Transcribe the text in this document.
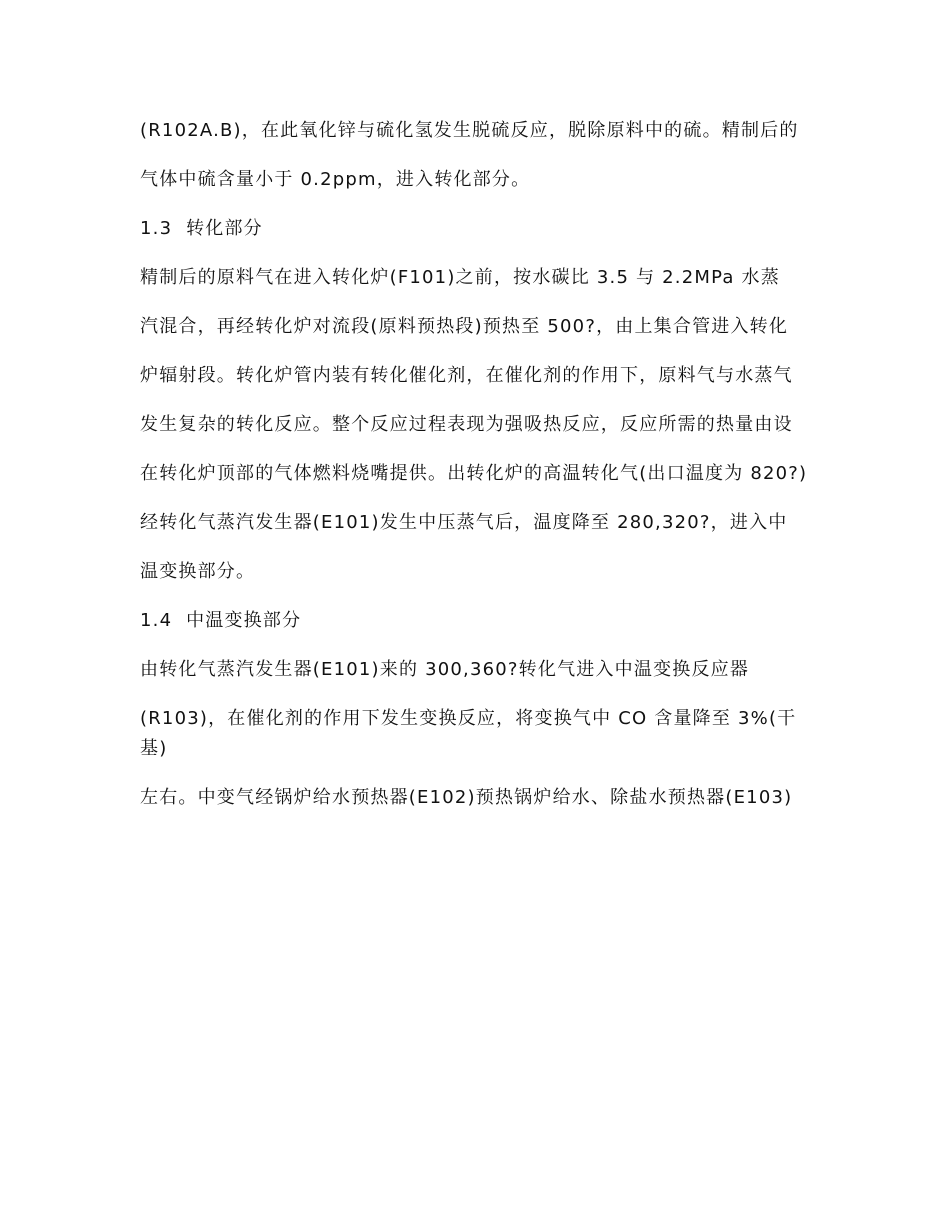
(R102A.B)，在此氧化锌与硫化氢发生脱硫反应，脱除原料中的硫。精制后的

气体中硫含量小于 0.2ppm，进入转化部分。

1.3  转化部分

精制后的原料气在进入转化炉(F101)之前，按水碳比 3.5 与 2.2MPa 水蒸

汽混合，再经转化炉对流段(原料预热段)预热至 500?，由上集合管进入转化

炉辐射段。转化炉管内装有转化催化剂，在催化剂的作用下，原料气与水蒸气

发生复杂的转化反应。整个反应过程表现为强吸热反应，反应所需的热量由设

在转化炉顶部的气体燃料烧嘴提供。出转化炉的高温转化气(出口温度为 820?)

经转化气蒸汽发生器(E101)发生中压蒸气后，温度降至 280,320?，进入中

温变换部分。

1.4  中温变换部分

由转化气蒸汽发生器(E101)来的 300,360?转化气进入中温变换反应器

(R103)，在催化剂的作用下发生变换反应，将变换气中 CO 含量降至 3%(干基)

左右。中变气经锅炉给水预热器(E102)预热锅炉给水、除盐水预热器(E103)
